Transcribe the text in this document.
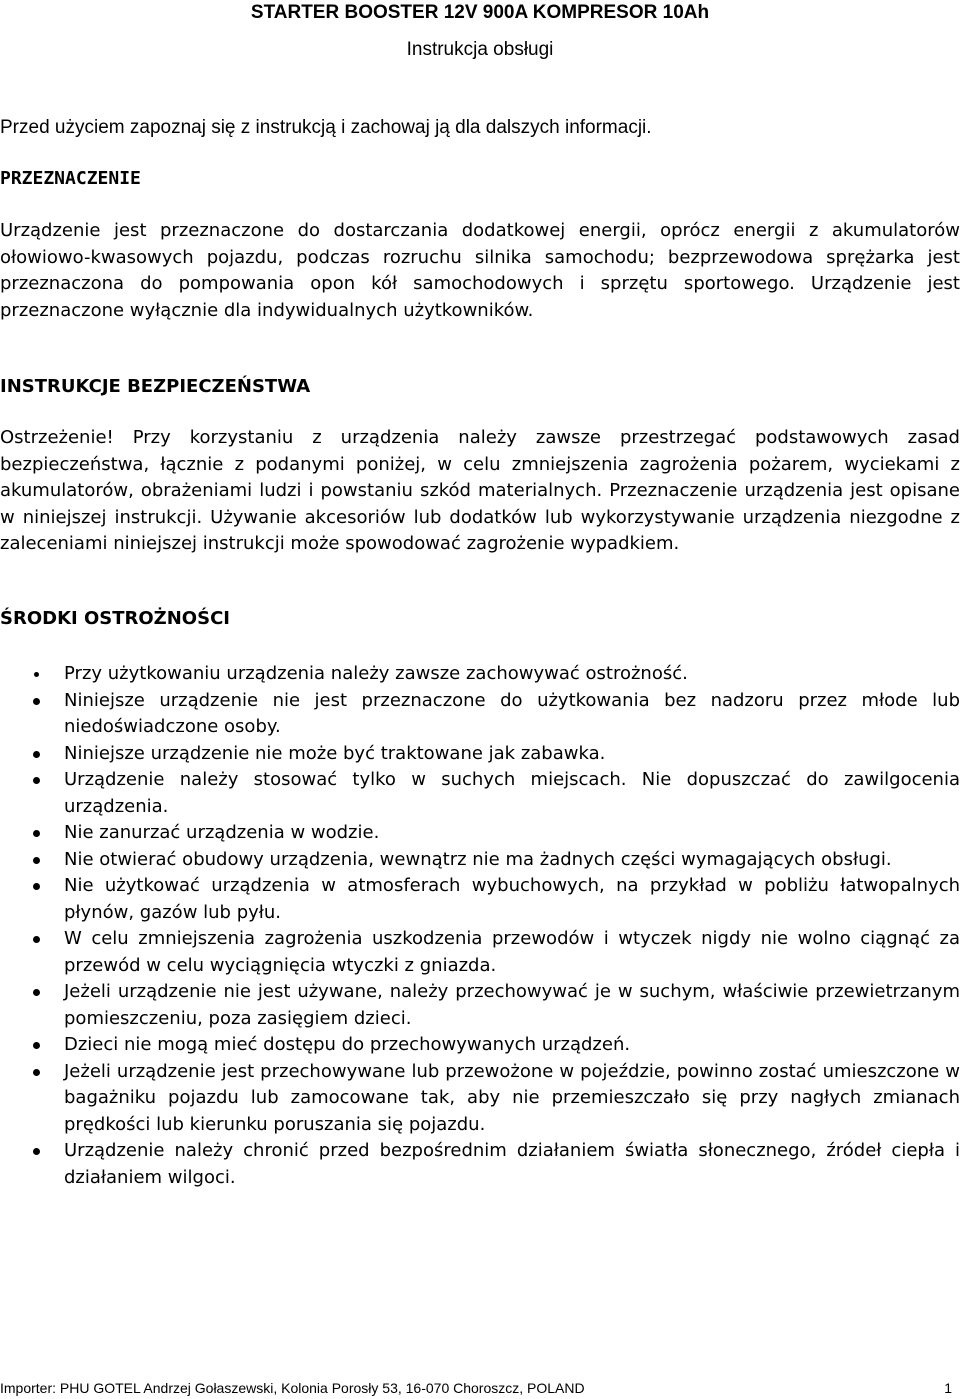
STARTER BOOSTER 12V 900A KOMPRESOR 10Ah
Instrukcja obsługi
Przed użyciem zapoznaj się z instrukcją i zachowaj ją dla dalszych informacji.
PRZEZNACZENIE

Urządzenie jest przeznaczone do dostarczania dodatkowej energii, oprócz energii z akumulatorów ołowiowo-kwasowych pojazdu, podczas rozruchu silnika samochodu; bezprzewodowa sprężarka jest przeznaczona do pompowania opon kół samochodowych i sprzętu sportowego. Urządzenie jest przeznaczone wyłącznie dla indywidualnych użytkowników.

INSTRUKCJE BEZPIECZEŃSTWA

Ostrzeżenie! Przy korzystaniu z urządzenia należy zawsze przestrzegać podstawowych zasad bezpieczeństwa, łącznie z podanymi poniżej, w celu zmniejszenia zagrożenia pożarem, wyciekami z akumulatorów, obrażeniami ludzi i powstaniu szkód materialnych. Przeznaczenie urządzenia jest opisane w niniejszej instrukcji. Używanie akcesoriów lub dodatków lub wykorzystywanie urządzenia niezgodne z zaleceniami niniejszej instrukcji może spowodować zagrożenie wypadkiem.

ŚRODKI OSTROŻNOŚCI
Przy użytkowaniu urządzenia należy zawsze zachowywać ostrożność.
Niniejsze urządzenie nie jest przeznaczone do użytkowania bez nadzoru przez młode lub niedoświadczone osoby.
Niniejsze urządzenie nie może być traktowane jak zabawka.
Urządzenie należy stosować tylko w suchych miejscach. Nie dopuszczać do zawilgocenia urządzenia.
Nie zanurzać urządzenia w wodzie.
Nie otwierać obudowy urządzenia, wewnątrz nie ma żadnych części wymagających obsługi.
Nie użytkować urządzenia w atmosferach wybuchowych, na przykład w pobliżu łatwopalnych płynów, gazów lub pyłu.
W celu zmniejszenia zagrożenia uszkodzenia przewodów i wtyczek nigdy nie wolno ciągnąć za przewód w celu wyciągnięcia wtyczki z gniazda.
Jeżeli urządzenie nie jest używane, należy przechowywać je w suchym, właściwie przewietrzanym pomieszczeniu, poza zasięgiem dzieci.
Dzieci nie mogą mieć dostępu do przechowywanych urządzeń.
Jeżeli urządzenie jest przechowywane lub przewożone w pojeździe, powinno zostać umieszczone w bagażniku pojazdu lub zamocowane tak, aby nie przemieszczało się przy nagłych zmianach prędkości lub kierunku poruszania się pojazdu.
Urządzenie należy chronić przed bezpośrednim działaniem światła słonecznego, źródeł ciepła i działaniem wilgoci.
Importer: PHU GOTEL Andrzej Gołaszewski, Kolonia Porosły 53, 16-070 Choroszcz, POLAND	1
